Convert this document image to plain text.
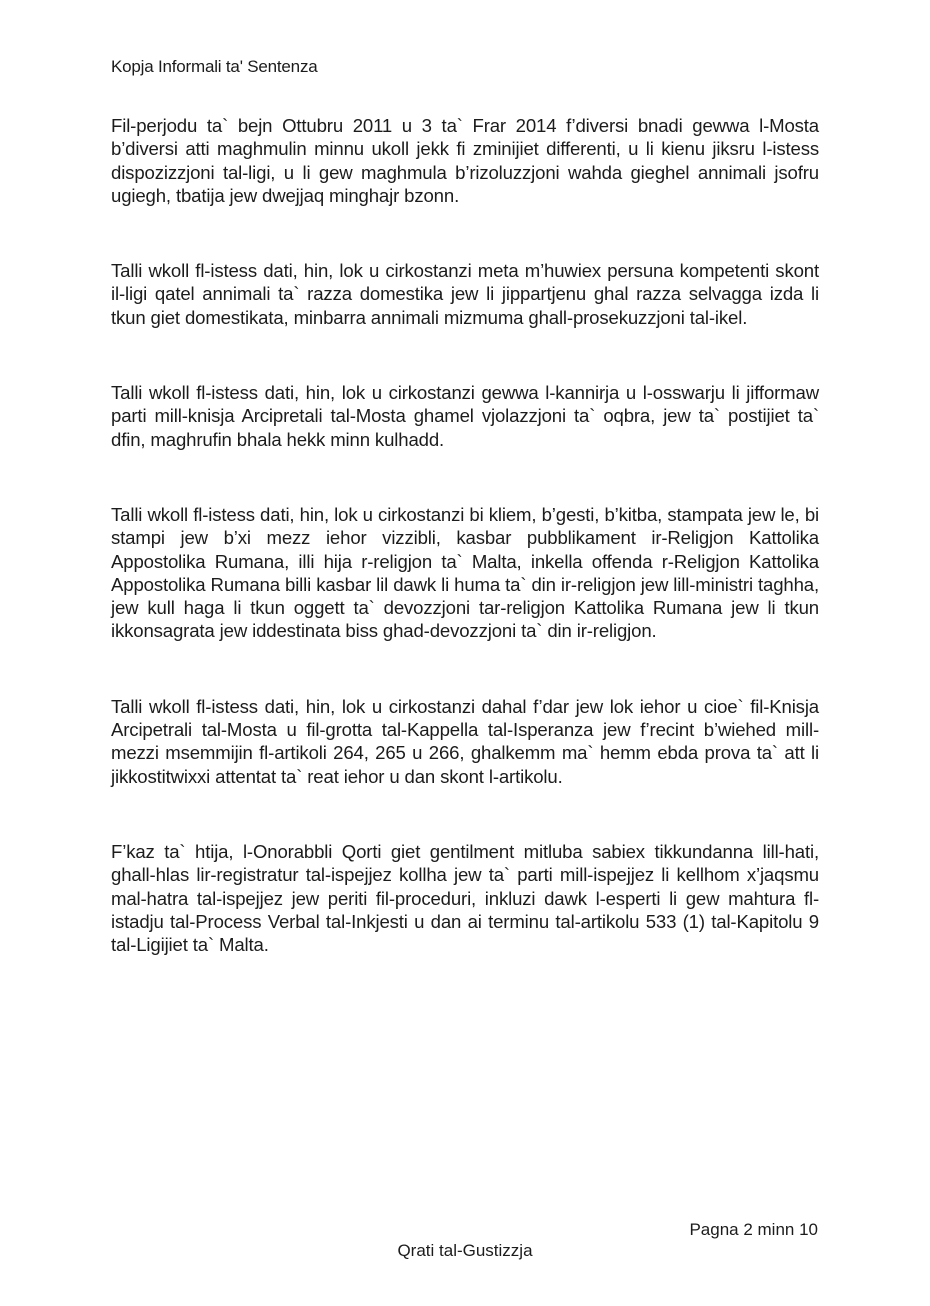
Kopja Informali ta' Sentenza

Fil-perjodu ta` bejn Ottubru 2011 u 3 ta` Frar 2014 f’diversi bnadi gewwa l-Mosta b’diversi atti maghmulin minnu ukoll jekk fi zminijiet differenti, u li kienu jiksru l-istess dispozizzjoni tal-ligi, u li gew maghmula b’rizoluzzjoni wahda gieghel annimali jsofru ugiegh, tbatija jew dwejjaq minghajr bzonn.

Talli wkoll fl-istess dati, hin, lok u cirkostanzi meta m’huwiex persuna kompetenti skont il-ligi qatel annimali ta` razza domestika jew li jippartjenu ghal razza selvagga izda li tkun giet domestikata, minbarra annimali mizmuma ghall-prosekuzzjoni tal-ikel.

Talli wkoll fl-istess dati, hin, lok u cirkostanzi gewwa l-kannirja u l-osswarju li jifformaw parti mill-knisja Arcipretali tal-Mosta ghamel vjolazzjoni ta` oqbra, jew ta` postijiet ta` dfin, maghrufin bhala hekk minn kulhadd.

Talli wkoll fl-istess dati, hin, lok u cirkostanzi bi kliem, b’gesti, b’kitba, stampata jew le, bi stampi jew b’xi mezz iehor vizzibli, kasbar pubblikament ir-Religjon Kattolika Appostolika Rumana, illi hija r-religjon ta` Malta, inkella offenda r-Religjon Kattolika Appostolika Rumana billi kasbar lil dawk li huma ta` din ir-religjon jew lill-ministri taghha, jew kull haga li tkun oggett ta` devozzjoni tar-religjon Kattolika Rumana jew li tkun ikkonsagrata jew iddestinata biss ghad-devozzjoni ta` din ir-religjon.

Talli wkoll fl-istess dati, hin, lok u cirkostanzi dahal f’dar jew lok iehor u cioe` fil-Knisja Arcipetrali tal-Mosta u fil-grotta tal-Kappella tal-Isperanza jew f’recint b’wiehed mill-mezzi msemmijin fl-artikoli 264, 265 u 266, ghalkemm ma` hemm ebda prova ta` att li jikkostitwixxi attentat ta` reat iehor u dan skont l-artikolu.

F’kaz ta` htija, l-Onorabbli Qorti giet gentilment mitluba sabiex tikkundanna lill-hati, ghall-hlas lir-registratur tal-ispejjez kollha jew ta` parti mill-ispejjez li kellhom x’jaqsmu mal-hatra tal-ispejjez jew periti fil-proceduri, inkluzi dawk l-esperti li gew mahtura fl-istadju tal-Process Verbal tal-Inkjesti u dan ai terminu tal-artikolu 533 (1) tal-Kapitolu 9 tal-Ligijiet ta` Malta.

Pagna 2 minn 10
Qrati tal-Gustizzja
